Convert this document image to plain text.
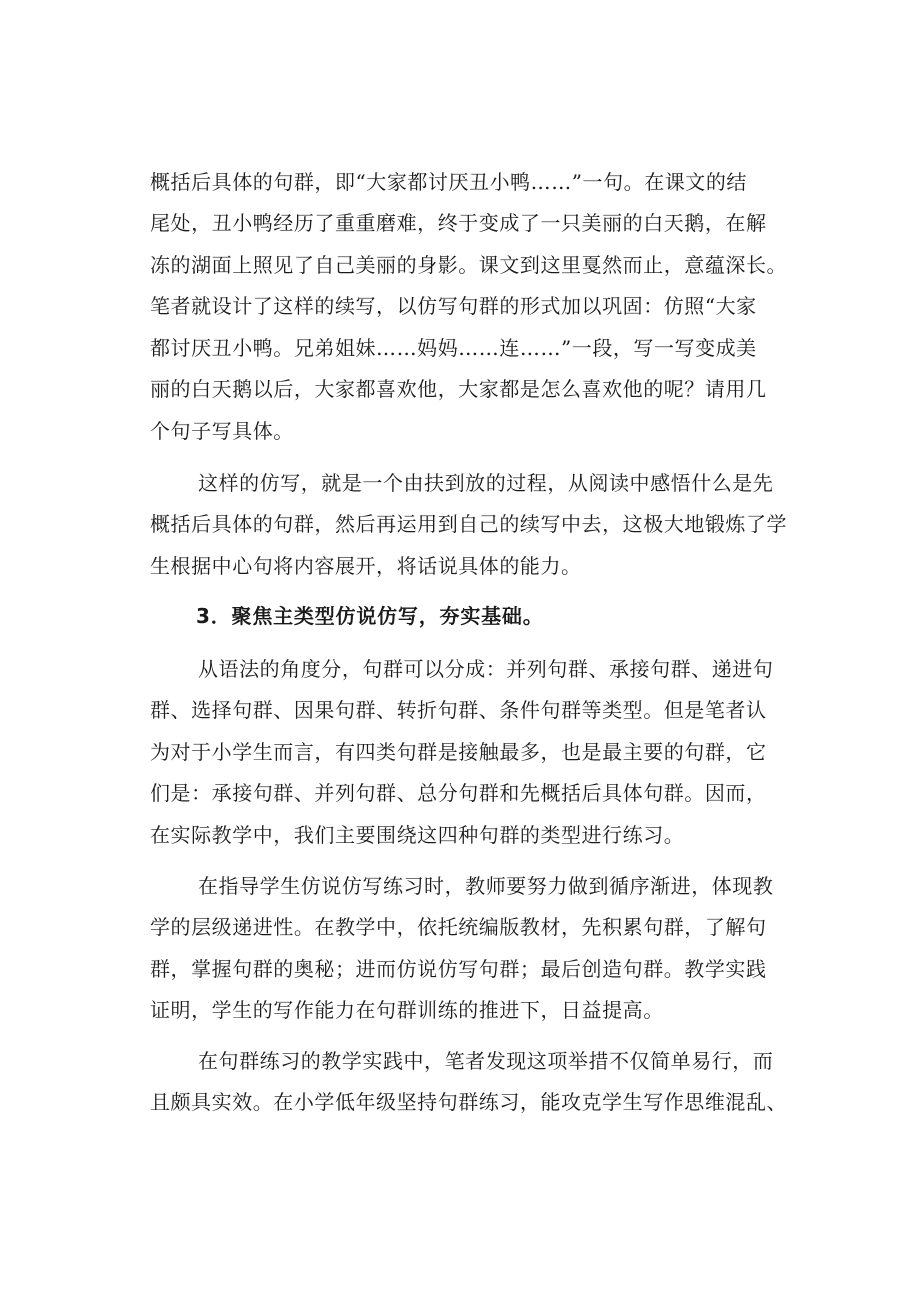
概括后具体的句群，即“大家都讨厌丑小鸭……”一句。在课文的结
尾处，丑小鸭经历了重重磨难，终于变成了一只美丽的白天鹅，在解
冻的湖面上照见了自己美丽的身影。课文到这里戛然而止，意蕴深长。
笔者就设计了这样的续写，以仿写句群的形式加以巩固：仿照“大家
都讨厌丑小鸭。兄弟姐妹……妈妈……连……”一段，写一写变成美
丽的白天鹅以后，大家都喜欢他，大家都是怎么喜欢他的呢？请用几
个句子写具体。
这样的仿写，就是一个由扶到放的过程，从阅读中感悟什么是先
概括后具体的句群，然后再运用到自己的续写中去，这极大地锻炼了学
生根据中心句将内容展开，将话说具体的能力。
3．聚焦主类型仿说仿写，夯实基础。
从语法的角度分，句群可以分成：并列句群、承接句群、递进句
群、选择句群、因果句群、转折句群、条件句群等类型。但是笔者认
为对于小学生而言，有四类句群是接触最多，也是最主要的句群，它
们是：承接句群、并列句群、总分句群和先概括后具体句群。因而，
在实际教学中，我们主要围绕这四种句群的类型进行练习。
在指导学生仿说仿写练习时，教师要努力做到循序渐进，体现教
学的层级递进性。在教学中，依托统编版教材，先积累句群，了解句
群，掌握句群的奥秘；进而仿说仿写句群；最后创造句群。教学实践
证明，学生的写作能力在句群训练的推进下，日益提高。
在句群练习的教学实践中，笔者发现这项举措不仅简单易行，而
且颇具实效。在小学低年级坚持句群练习，能攻克学生写作思维混乱、
